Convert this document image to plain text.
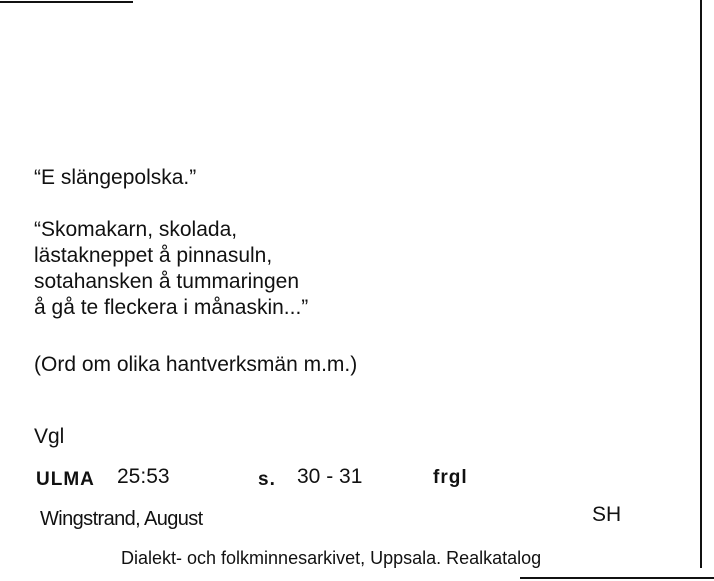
“E slängepolska.”
“Skomakarn, skolada,
lästakneppet å pinnasuln,
sotahansken å tummaringen
å gå te fleckera i månaskin...”
(Ord om olika hantverksmän m.m.)
Vgl
ULMA 25:53	s. 30 - 31	frgl
Wingstrand, August	SH
Dialekt- och folkminnesarkivet, Uppsala. Realkatalog
